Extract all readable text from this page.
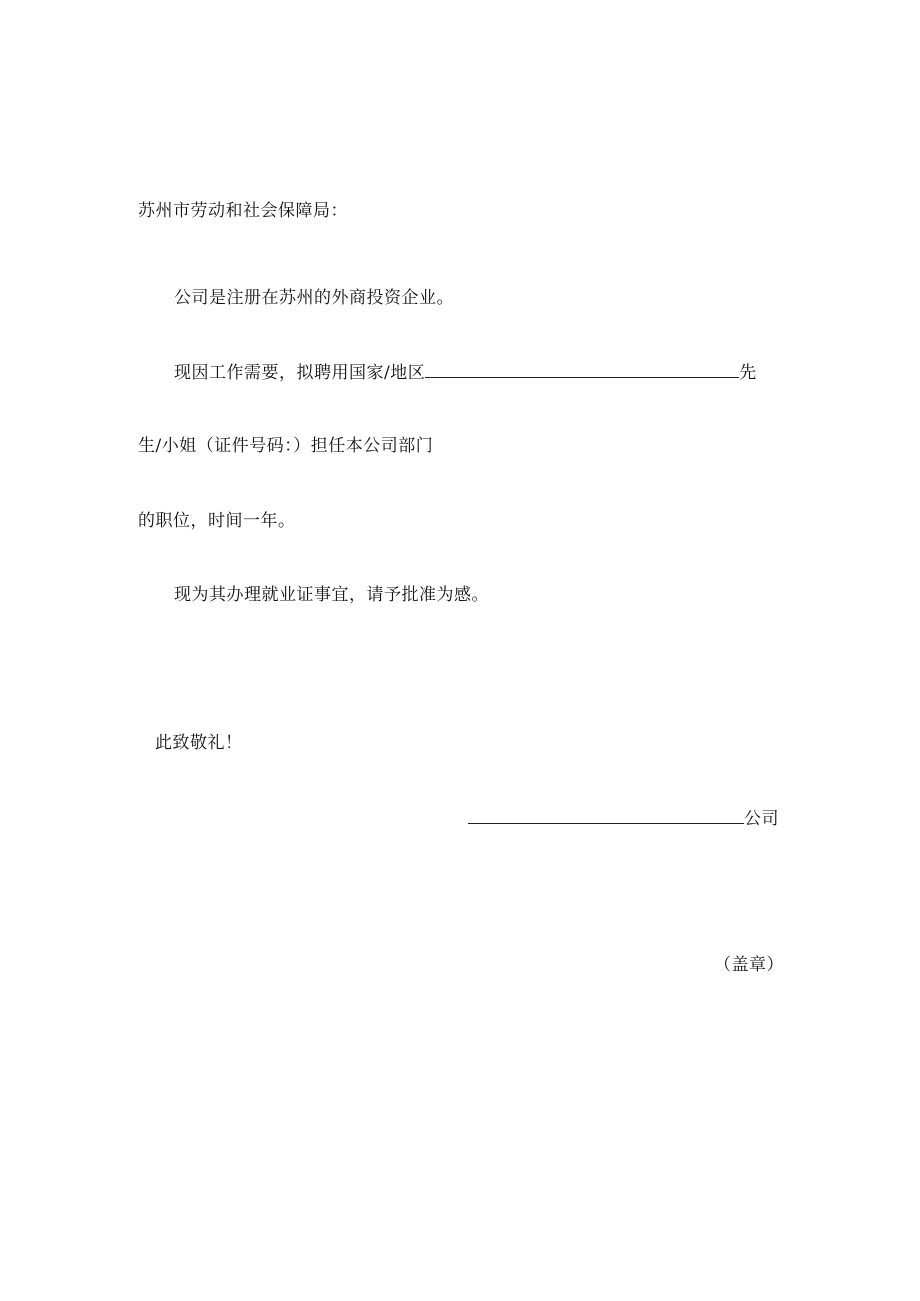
苏州市劳动和社会保障局：
公司是注册在苏州的外商投资企业。
现因工作需要，拟聘用国家/地区	先
生/小姐（证件号码：）担任本公司部门
的职位，时间一年。
现为其办理就业证事宜，请予批准为感。
此致敬礼！
公司
（盖章）
